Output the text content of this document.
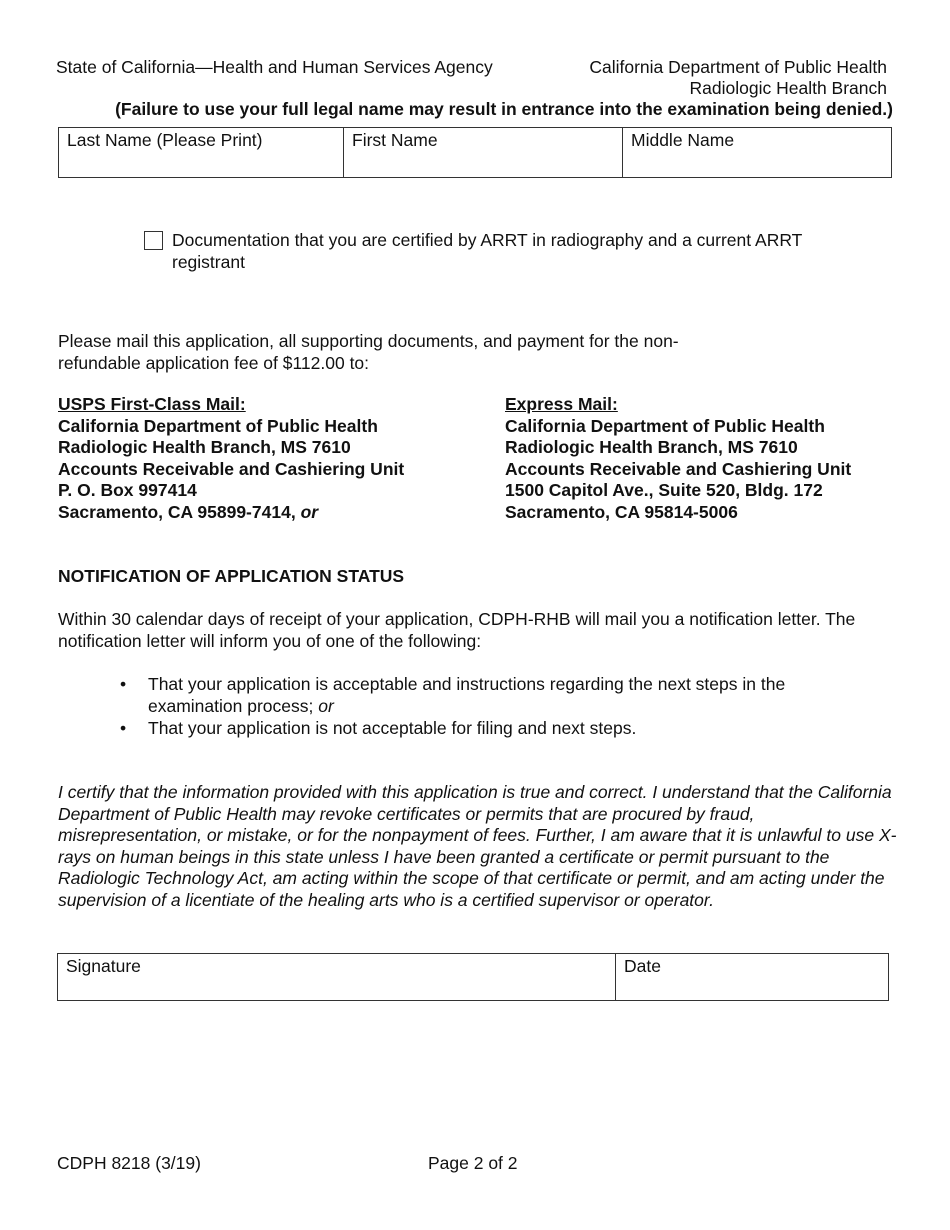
State of California—Health and Human Services Agency	California Department of Public Health
Radiologic Health Branch
(Failure to use your full legal name may result in entrance into the examination being denied.)
Last Name (Please Print)	First Name	Middle Name
Documentation that you are certified by ARRT in radiography and a current ARRT registrant
Please mail this application, all supporting documents, and payment for the non-refundable application fee of $112.00 to:
USPS First-Class Mail:
California Department of Public Health
Radiologic Health Branch, MS 7610
Accounts Receivable and Cashiering Unit
P. O. Box 997414
Sacramento, CA 95899-7414, or
Express Mail:
California Department of Public Health
Radiologic Health Branch, MS 7610
Accounts Receivable and Cashiering Unit
1500 Capitol Ave., Suite 520, Bldg. 172
Sacramento, CA 95814-5006
NOTIFICATION OF APPLICATION STATUS
Within 30 calendar days of receipt of your application, CDPH-RHB will mail you a notification letter. The notification letter will inform you of one of the following:
• That your application is acceptable and instructions regarding the next steps in the examination process; or
• That your application is not acceptable for filing and next steps.
I certify that the information provided with this application is true and correct. I understand that the California Department of Public Health may revoke certificates or permits that are procured by fraud, misrepresentation, or mistake, or for the nonpayment of fees. Further, I am aware that it is unlawful to use X-rays on human beings in this state unless I have been granted a certificate or permit pursuant to the Radiologic Technology Act, am acting within the scope of that certificate or permit, and am acting under the supervision of a licentiate of the healing arts who is a certified supervisor or operator.
Signature	Date
CDPH 8218 (3/19)	Page 2 of 2
